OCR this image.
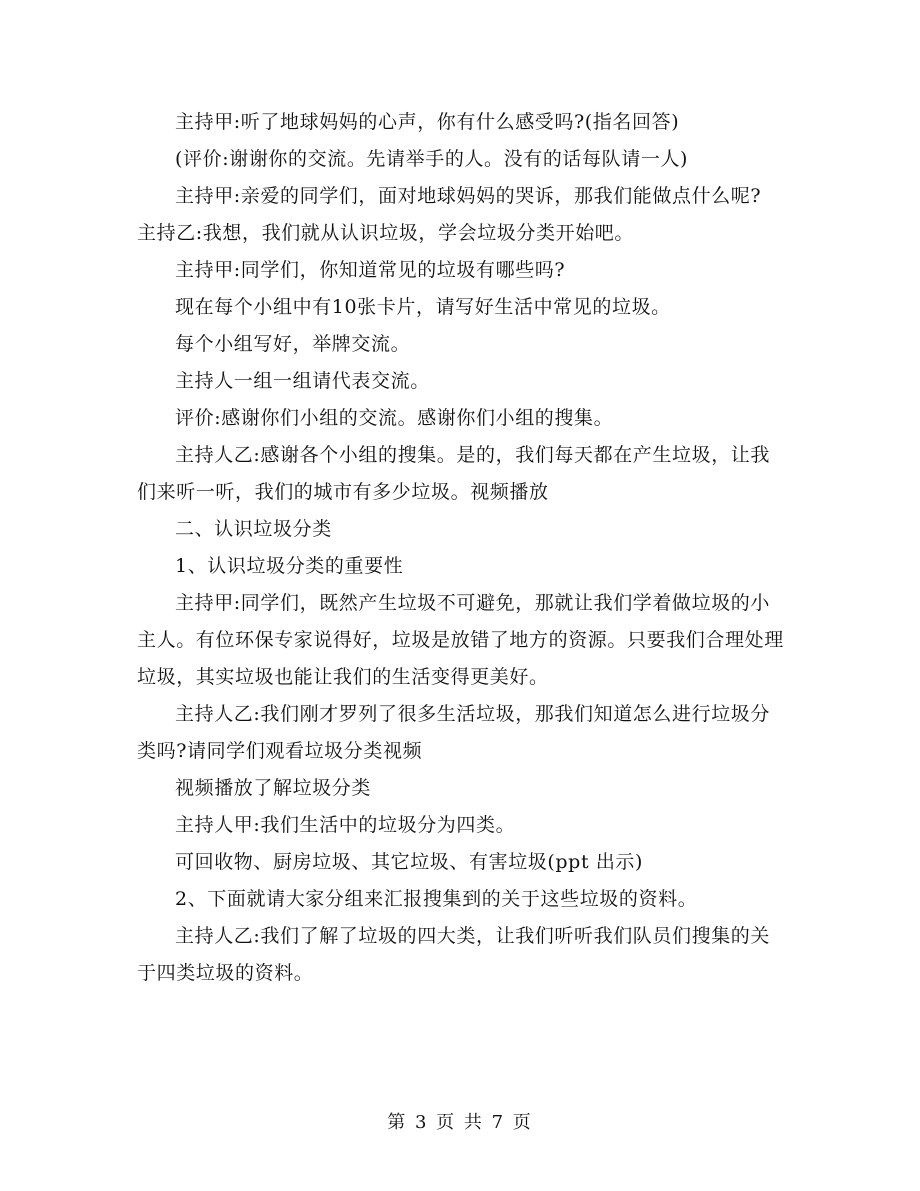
主持甲:听了地球妈妈的心声，你有什么感受吗?(指名回答)

(评价:谢谢你的交流。先请举手的人。没有的话每队请一人)

主持甲:亲爱的同学们，面对地球妈妈的哭诉，那我们能做点什么呢? 主持乙:我想，我们就从认识垃圾，学会垃圾分类开始吧。

主持甲:同学们，你知道常见的垃圾有哪些吗?

现在每个小组中有10张卡片，请写好生活中常见的垃圾。

每个小组写好，举牌交流。

主持人一组一组请代表交流。

评价:感谢你们小组的交流。感谢你们小组的搜集。

主持人乙:感谢各个小组的搜集。是的，我们每天都在产生垃圾，让我们来听一听，我们的城市有多少垃圾。视频播放

二、认识垃圾分类

1、认识垃圾分类的重要性

主持甲:同学们，既然产生垃圾不可避免，那就让我们学着做垃圾的小主人。有位环保专家说得好，垃圾是放错了地方的资源。只要我们合理处理垃圾，其实垃圾也能让我们的生活变得更美好。

主持人乙:我们刚才罗列了很多生活垃圾，那我们知道怎么进行垃圾分类吗?请同学们观看垃圾分类视频

视频播放了解垃圾分类

主持人甲:我们生活中的垃圾分为四类。

可回收物、厨房垃圾、其它垃圾、有害垃圾(ppt 出示)

2、下面就请大家分组来汇报搜集到的关于这些垃圾的资料。

主持人乙:我们了解了垃圾的四大类，让我们听听我们队员们搜集的关于四类垃圾的资料。

第 3 页 共 7 页
